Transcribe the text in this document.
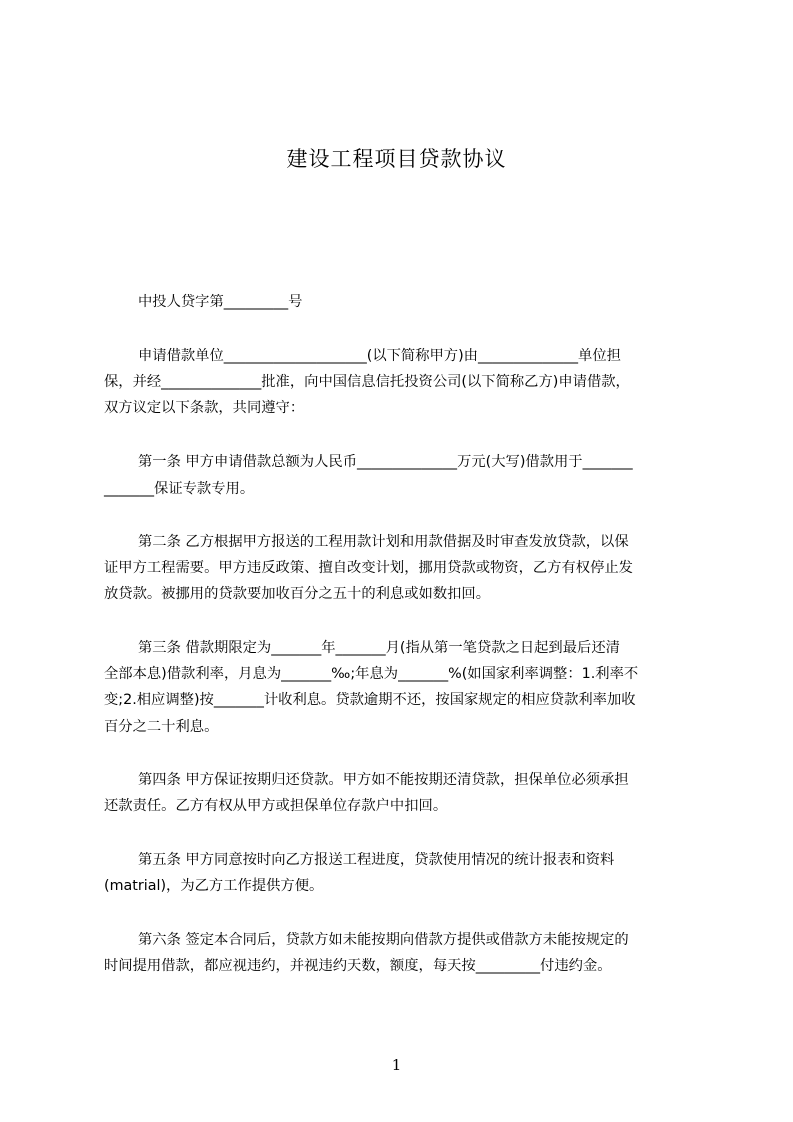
建设工程项目贷款协议
中投人贷字第_________号
申请借款单位____________________(以下简称甲方)由______________单位担
保，并经______________批准，向中国信息信托投资公司(以下简称乙方)申请借款，
双方议定以下条款，共同遵守：
第一条 甲方申请借款总额为人民币______________万元(大写)借款用于_______
_______保证专款专用。
第二条 乙方根据甲方报送的工程用款计划和用款借据及时审查发放贷款，以保
证甲方工程需要。甲方违反政策、擅自改变计划，挪用贷款或物资，乙方有权停止发
放贷款。被挪用的贷款要加收百分之五十的利息或如数扣回。
第三条 借款期限定为_______年_______月(指从第一笔贷款之日起到最后还清
全部本息)借款利率，月息为_______‰;年息为_______%(如国家利率调整：1.利率不
变;2.相应调整)按_______计收利息。贷款逾期不还，按国家规定的相应贷款利率加收
百分之二十利息。
第四条 甲方保证按期归还贷款。甲方如不能按期还清贷款，担保单位必须承担
还款责任。乙方有权从甲方或担保单位存款户中扣回。
第五条 甲方同意按时向乙方报送工程进度，贷款使用情况的统计报表和资料
(matrial)，为乙方工作提供方便。
第六条 签定本合同后，贷款方如未能按期向借款方提供或借款方未能按规定的
时间提用借款，都应视违约，并视违约天数，额度，每天按_________付违约金。
1
